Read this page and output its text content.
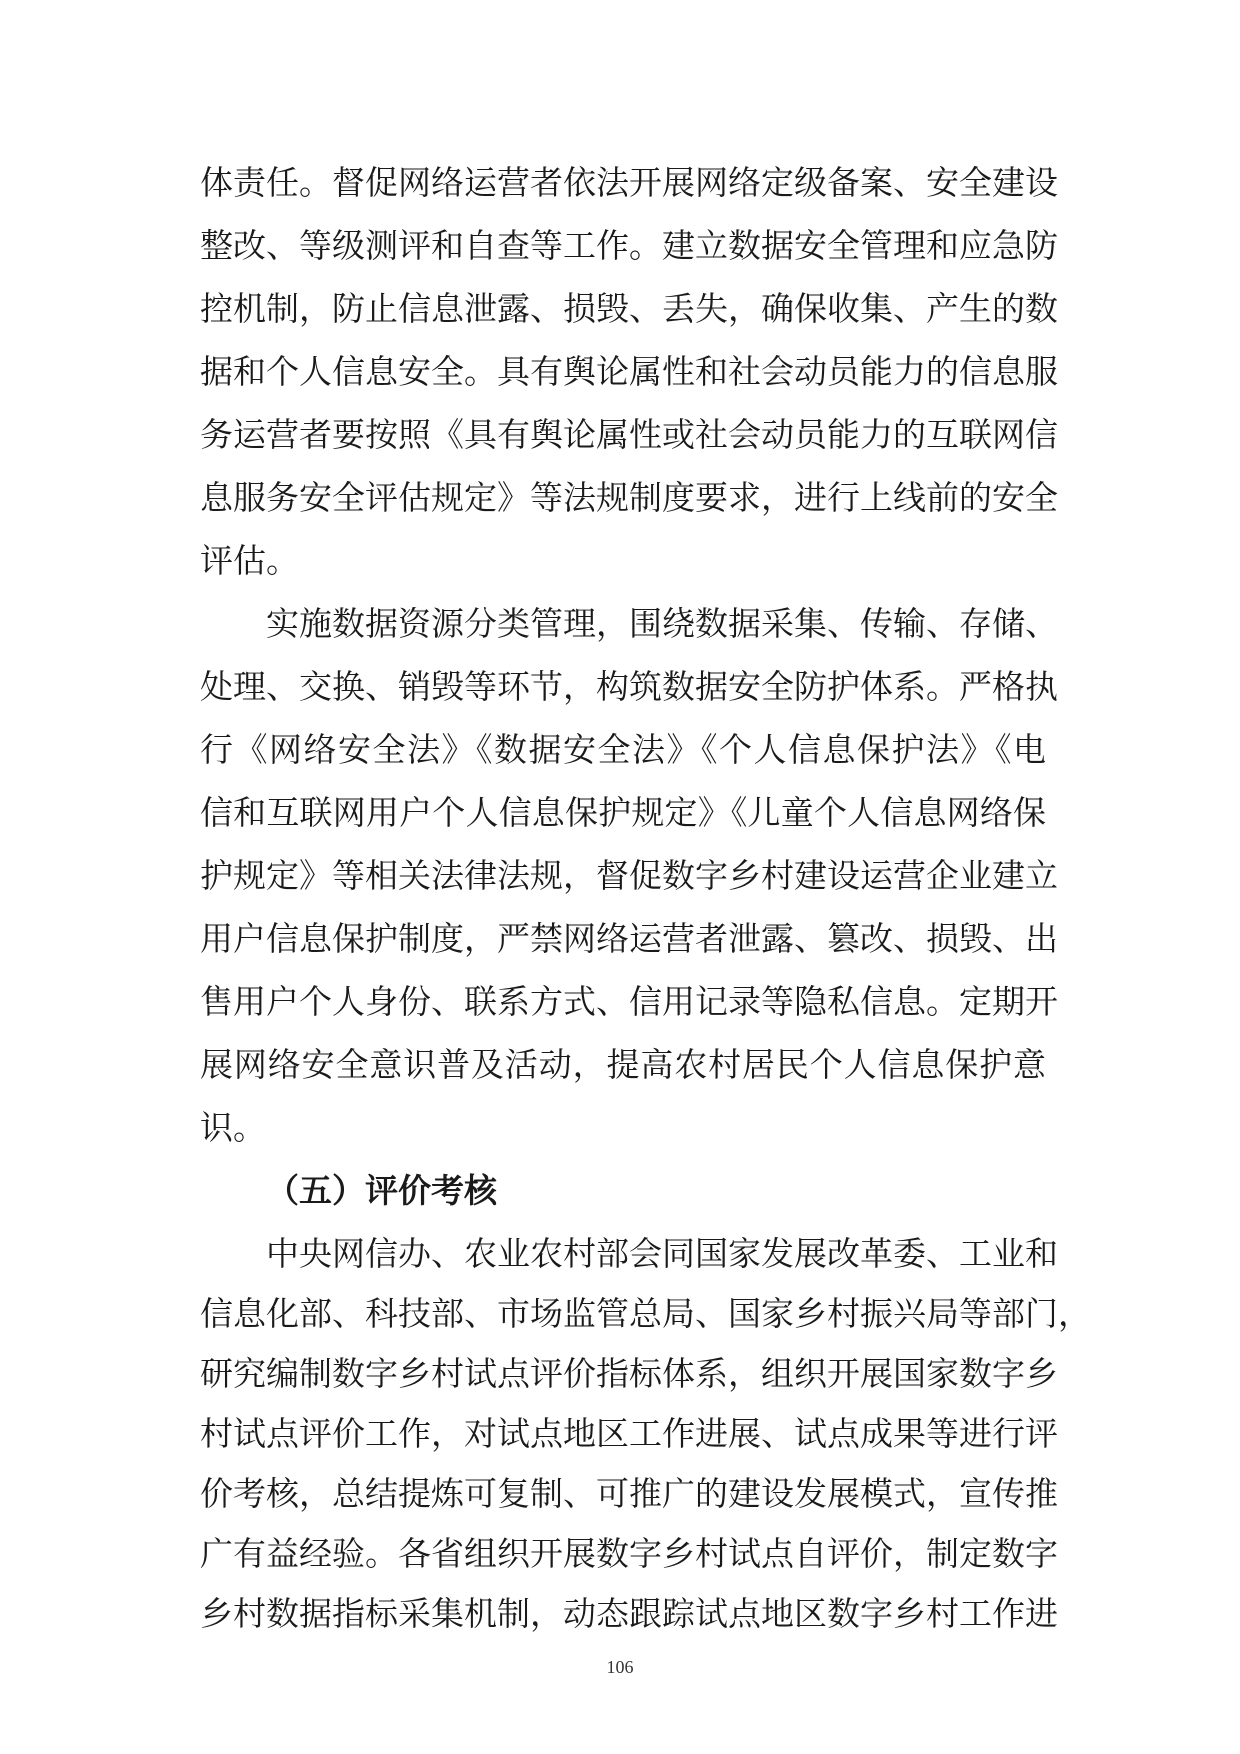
体责任。督促网络运营者依法开展网络定级备案、安全建设
整改、等级测评和自查等工作。建立数据安全管理和应急防
控机制，防止信息泄露、损毁、丢失，确保收集、产生的数
据和个人信息安全。具有舆论属性和社会动员能力的信息服
务运营者要按照《具有舆论属性或社会动员能力的互联网信
息服务安全评估规定》等法规制度要求，进行上线前的安全
评估。
实施数据资源分类管理，围绕数据采集、传输、存储、
处理、交换、销毁等环节，构筑数据安全防护体系。严格执
行《网络安全法》《数据安全法》《个人信息保护法》《电
信和互联网用户个人信息保护规定》《儿童个人信息网络保
护规定》等相关法律法规，督促数字乡村建设运营企业建立
用户信息保护制度，严禁网络运营者泄露、篡改、损毁、出
售用户个人身份、联系方式、信用记录等隐私信息。定期开
展网络安全意识普及活动，提高农村居民个人信息保护意
识。
（五）评价考核
中央网信办、农业农村部会同国家发展改革委、工业和
信息化部、科技部、市场监管总局、国家乡村振兴局等部门，
研究编制数字乡村试点评价指标体系，组织开展国家数字乡
村试点评价工作，对试点地区工作进展、试点成果等进行评
价考核，总结提炼可复制、可推广的建设发展模式，宣传推
广有益经验。各省组织开展数字乡村试点自评价，制定数字
106
乡村数据指标采集机制，动态跟踪试点地区数字乡村工作进
